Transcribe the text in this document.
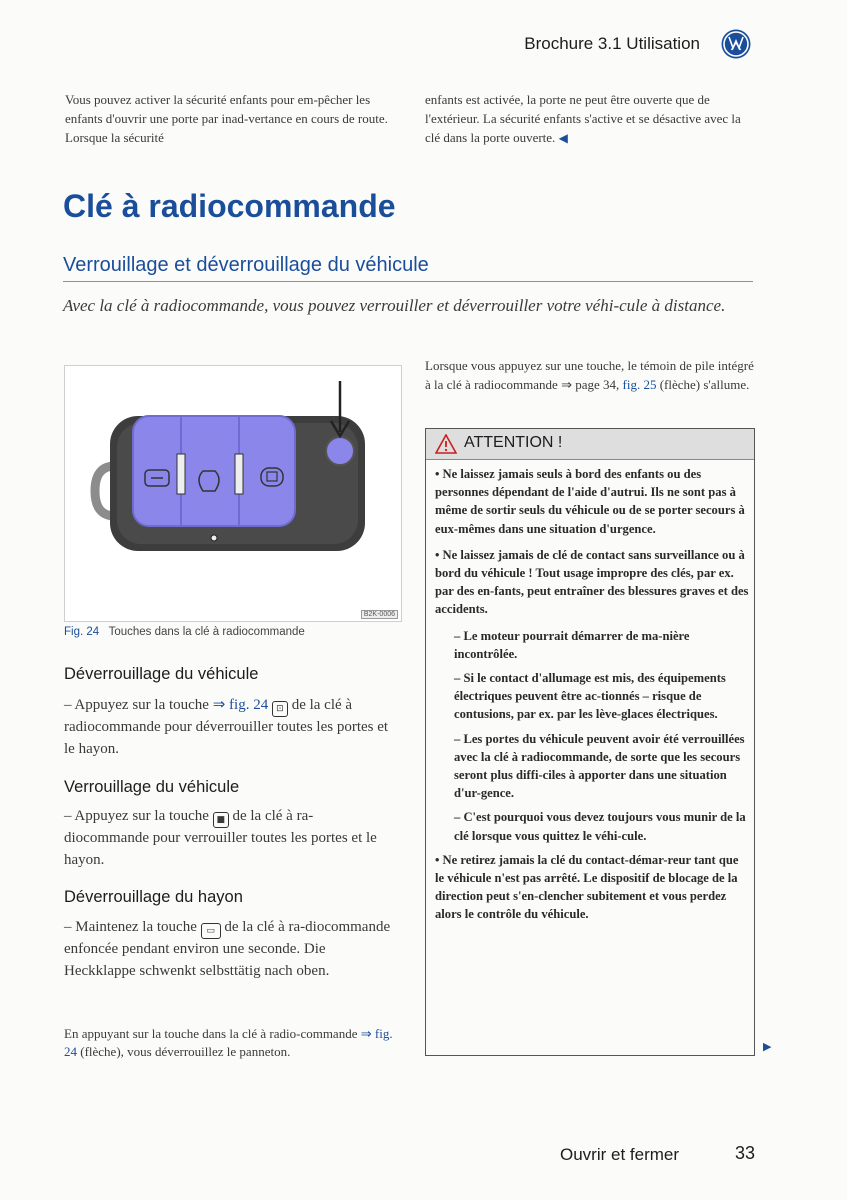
Brochure 3.1 Utilisation
Vous pouvez activer la sécurité enfants pour em-pêcher les enfants d'ouvrir une porte par inad-vertance en cours de route. Lorsque la sécurité
enfants est activée, la porte ne peut être ouverte que de l'extérieur. La sécurité enfants s'active et se désactive avec la clé dans la porte ouverte. ◀
Clé à radiocommande
Verrouillage et déverrouillage du véhicule
Avec la clé à radiocommande, vous pouvez verrouiller et déverrouiller votre véhi-cule à distance.
B2K-0006
Fig. 24 Touches dans la clé à radiocommande
Déverrouillage du véhicule
– Appuyez sur la touche ⇒ fig. 24 ⊡ de la clé à radiocommande pour déverrouiller toutes les portes et le hayon.
Verrouillage du véhicule
– Appuyez sur la touche ■ de la clé à ra-diocommande pour verrouiller toutes les portes et le hayon.
Déverrouillage du hayon
– Maintenez la touche ▭ de la clé à ra-diocommande enfoncée pendant environ une seconde. Die Heckklappe schwenkt selbsttätig nach oben.
En appuyant sur la touche dans la clé à radio-commande ⇒ fig. 24 (flèche), vous déverrouillez le panneton.
Lorsque vous appuyez sur une touche, le témoin de pile intégré à la clé à radiocommande ⇒ page 34, fig. 25 (flèche) s'allume.
ATTENTION !

• Ne laissez jamais seuls à bord des enfants ou des personnes dépendant de l'aide d'autrui. Ils ne sont pas à même de sortir seuls du véhicule ou de se porter secours à eux-mêmes dans une situation d'urgence.

• Ne laissez jamais de clé de contact sans surveillance ou à bord du véhicule ! Tout usage impropre des clés, par ex. par des en-fants, peut entraîner des blessures graves et des accidents.

– Le moteur pourrait démarrer de ma-nière incontrôlée.

– Si le contact d'allumage est mis, des équipements électriques peuvent être ac-tionnés – risque de contusions, par ex. par les lève-glaces électriques.

– Les portes du véhicule peuvent avoir été verrouillées avec la clé à radiocommande, de sorte que les secours seront plus diffi-ciles à apporter dans une situation d'ur-gence.

– C'est pourquoi vous devez toujours vous munir de la clé lorsque vous quittez le véhi-cule.

• Ne retirez jamais la clé du contact-démar-reur tant que le véhicule n'est pas arrêté. Le dispositif de blocage de la direction peut s'en-clencher subitement et vous perdez alors le contrôle du véhicule.

▶
Ouvrir et fermer	33
